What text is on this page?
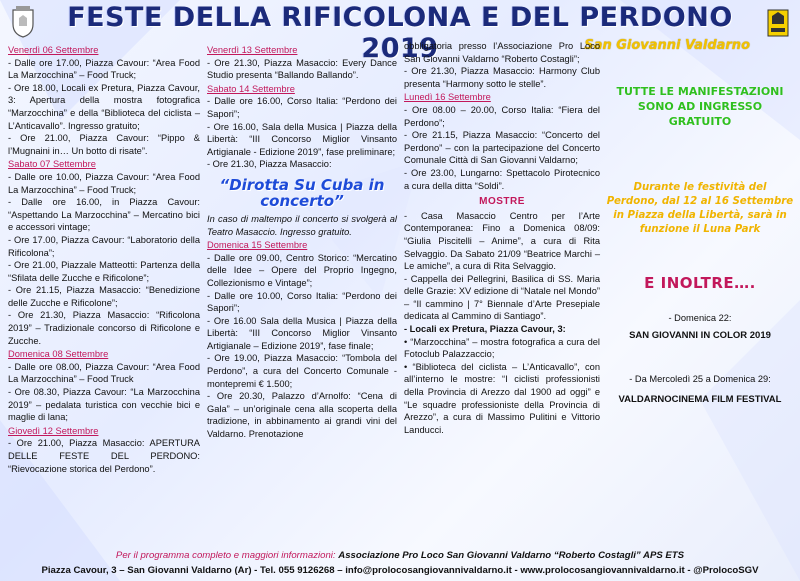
FESTE DELLA RIFICOLONA E DEL PERDONO 2019	San Giovanni Valdarno
Venerdì 06 Settembre
- Dalle ore 17.00, Piazza Cavour: “Area Food La Marzocchina” – Food Truck;
- Ore 18.00, Locali ex Pretura, Piazza Cavour, 3: Apertura della mostra fotografica “Marzocchina” e della “Biblioteca del ciclista – L’Anticavallo”. Ingresso gratuito;
- Ore 21.00, Piazza Cavour: “Pippo & l’Mugnaini in… Un botto di risate”.
Sabato 07 Settembre
- Dalle ore 10.00, Piazza Cavour: “Area Food La Marzocchina” – Food Truck;
- Dalle ore 16.00, in Piazza Cavour: “Aspettando La Marzocchina” – Mercatino bici e accessori vintage;
- Ore 17.00, Piazza Cavour: “Laboratorio della Rificolona”;
- Ore 21.00, Piazzale Matteotti: Partenza della “Sfilata delle Zucche e Rificolone”;
- Ore 21.15, Piazza Masaccio: “Benedizione delle Zucche e Rificolone”;
- Ore 21.30, Piazza Masaccio: “Rificolona 2019” – Tradizionale concorso di Rificolone e Zucche.
Domenica 08 Settembre
- Dalle ore 08.00, Piazza Cavour: “Area Food La Marzocchina” – Food Truck
- Ore 08.30, Piazza Cavour: “La Marzocchina 2019” – pedalata turistica con vecchie bici e maglie di lana;
Giovedì 12 Settembre
- Ore 21.00, Piazza Masaccio: APERTURA DELLE FESTE DEL PERDONO: “Rievocazione storica del Perdono”.
Venerdì 13 Settembre
- Ore 21.30, Piazza Masaccio: Every Dance Studio presenta “Ballando Ballando”.
Sabato 14 Settembre
- Dalle ore 16.00, Corso Italia: “Perdono dei Sapori”;
- Ore 16.00, Sala della Musica | Piazza della Libertà: “III Concorso Miglior Vinsanto Artigianale - Edizione 2019”, fase preliminare;
- Ore 21.30, Piazza Masaccio:
“Dirotta Su Cuba in concerto”
In caso di maltempo il concerto si svolgerà al Teatro Masaccio. Ingresso gratuito.
Domenica 15 Settembre
- Dalle ore 09.00, Centro Storico: “Mercatino delle Idee – Opere del Proprio Ingegno, Collezionismo e Vintage”;
- Dalle ore 10.00, Corso Italia: “Perdono dei Sapori”;
- Ore 16.00 Sala della Musica | Piazza della Libertà: “III Concorso Miglior Vinsanto Artigianale – Edizione 2019”, fase finale;
- Ore 19.00, Piazza Masaccio: “Tombola del Perdono”, a cura del Concerto Comunale - montepremi € 1.500;
- Ore 20.30, Palazzo d’Arnolfo: “Cena di Gala” – un’originale cena alla scoperta della tradizione, in abbinamento ai grandi vini del Valdarno. Prenotazione
obbligatoria presso l’Associazione Pro Loco San Giovanni Valdarno “Roberto Costagli”;
- Ore 21.30, Piazza Masaccio: Harmony Club presenta “Harmony sotto le stelle”.
Lunedì 16 Settembre
- Ore 08.00 – 20.00, Corso Italia: “Fiera del Perdono”;
- Ore 21.15, Piazza Masaccio: “Concerto del Perdono” – con la partecipazione del Concerto Comunale Città di San Giovanni Valdarno;
- Ore 23.00, Lungarno: Spettacolo Pirotecnico a cura della ditta “Soldi”.
MOSTRE
- Casa Masaccio Centro per l’Arte Contemporanea: Fino a Domenica 08/09: “Giulia Piscitelli – Anime”, a cura di Rita Selvaggio. Da Sabato 21/09 “Beatrice Marchi – Le amiche”, a cura di Rita Selvaggio.
- Cappella dei Pellegrini, Basilica di SS. Maria delle Grazie: XV edizione di “Natale nel Mondo” – “Il cammino | 7° Biennale d’Arte Presepiale dedicata al Cammino di Santiago”.
- Locali ex Pretura, Piazza Cavour, 3:
• “Marzocchina” – mostra fotografica a cura del Fotoclub Palazzaccio;
• “Biblioteca del ciclista – L’Anticavallo”, con all’interno le mostre: “I ciclisti professionisti della Provincia di Arezzo dal 1900 ad oggi” e “Le squadre professioniste della Provincia di Arezzo”, a cura di Massimo Pulitini e Vittorio Landucci.
TUTTE LE MANIFESTAZIONI SONO AD INGRESSO GRATUITO
Durante le festività del Perdono, dal 12 al 16 Settembre in Piazza della Libertà, sarà in funzione il Luna Park
E INOLTRE….
- Domenica 22:
SAN GIOVANNI IN COLOR 2019
- Da Mercoledì 25 a Domenica 29:
VALDARNOCINEMA FILM FESTIVAL
Per il programma completo e maggiori informazioni: Associazione Pro Loco San Giovanni Valdarno “Roberto Costagli” APS ETS
Piazza Cavour, 3 – San Giovanni Valdarno (Ar) - Tel. 055 9126268 – info@prolocosangiovannivaldarno.it - www.prolocosangiovannivaldarno.it - @ProlocoSGV
